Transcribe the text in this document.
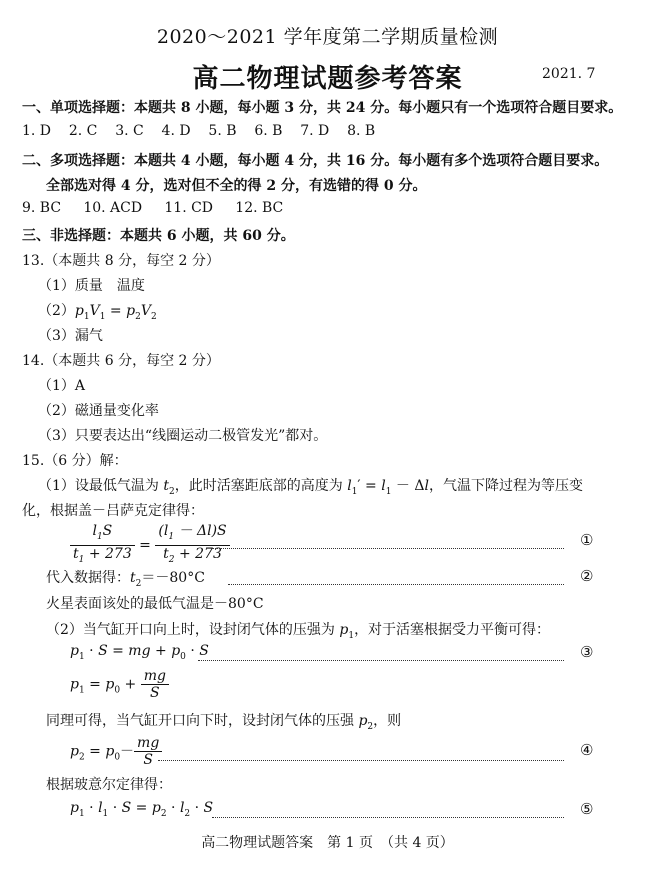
2020～2021 学年度第二学期质量检测
高二物理试题参考答案	2021. 7
一、单项选择题：本题共 8 小题，每小题 3 分，共 24 分。每小题只有一个选项符合题目要求。
1. D 2. C 3. C 4. D 5. B 6. B 7. D 8. B
二、多项选择题：本题共 4 小题，每小题 4 分，共 16 分。每小题有多个选项符合题目要求。
全部选对得 4 分，选对但不全的得 2 分，有选错的得 0 分。
9. BC 10. ACD 11. CD 12. BC
三、非选择题：本题共 6 小题，共 60 分。
13.（本题共 8 分，每空 2 分）
（1）质量　温度
$(2)p_1V_1 = p_2V_2$
（3）漏气
14.（本题共 6 分，每空 2 分）
（1）A
（2）磁通量变化率
（3）只要表达出“线圈运动二极管发光”都对。
15.（6 分）解：
（1）设最低气温为 $t_2$，此时活塞距底部的高度为 $l_1' = l_1 - \Delta l$，气温下降过程为等压变
化，根据盖－吕萨克定律得：
$\frac{l_1S}{t_1 + 273} = \frac{(l_1 - \Delta l)S}{t_2 + 273}$	①
代入数据得：$t_2=-80^\circ C$	②
火星表面该处的最低气温是－80°C
（2）当气缸开口向上时，设封闭气体的压强为 $p_1$，对于活塞根据受力平衡可得：
$p_1 \cdot S$ = mg + $p_0 \cdot S$	③
$p_1 = p_0 + \frac{mg}{S}$
同理可得，当气缸开口向下时，设封闭气体的压强 $p_2$，则
$p_2 = p_0- \frac{mg}{S}$	④
根据玻意尔定律得：
$p_1 \cdot l_1 \cdot S = p_2 \cdot l_2 \cdot S$	⑤
高二物理试题答案　第 1 页　（共 4 页）
